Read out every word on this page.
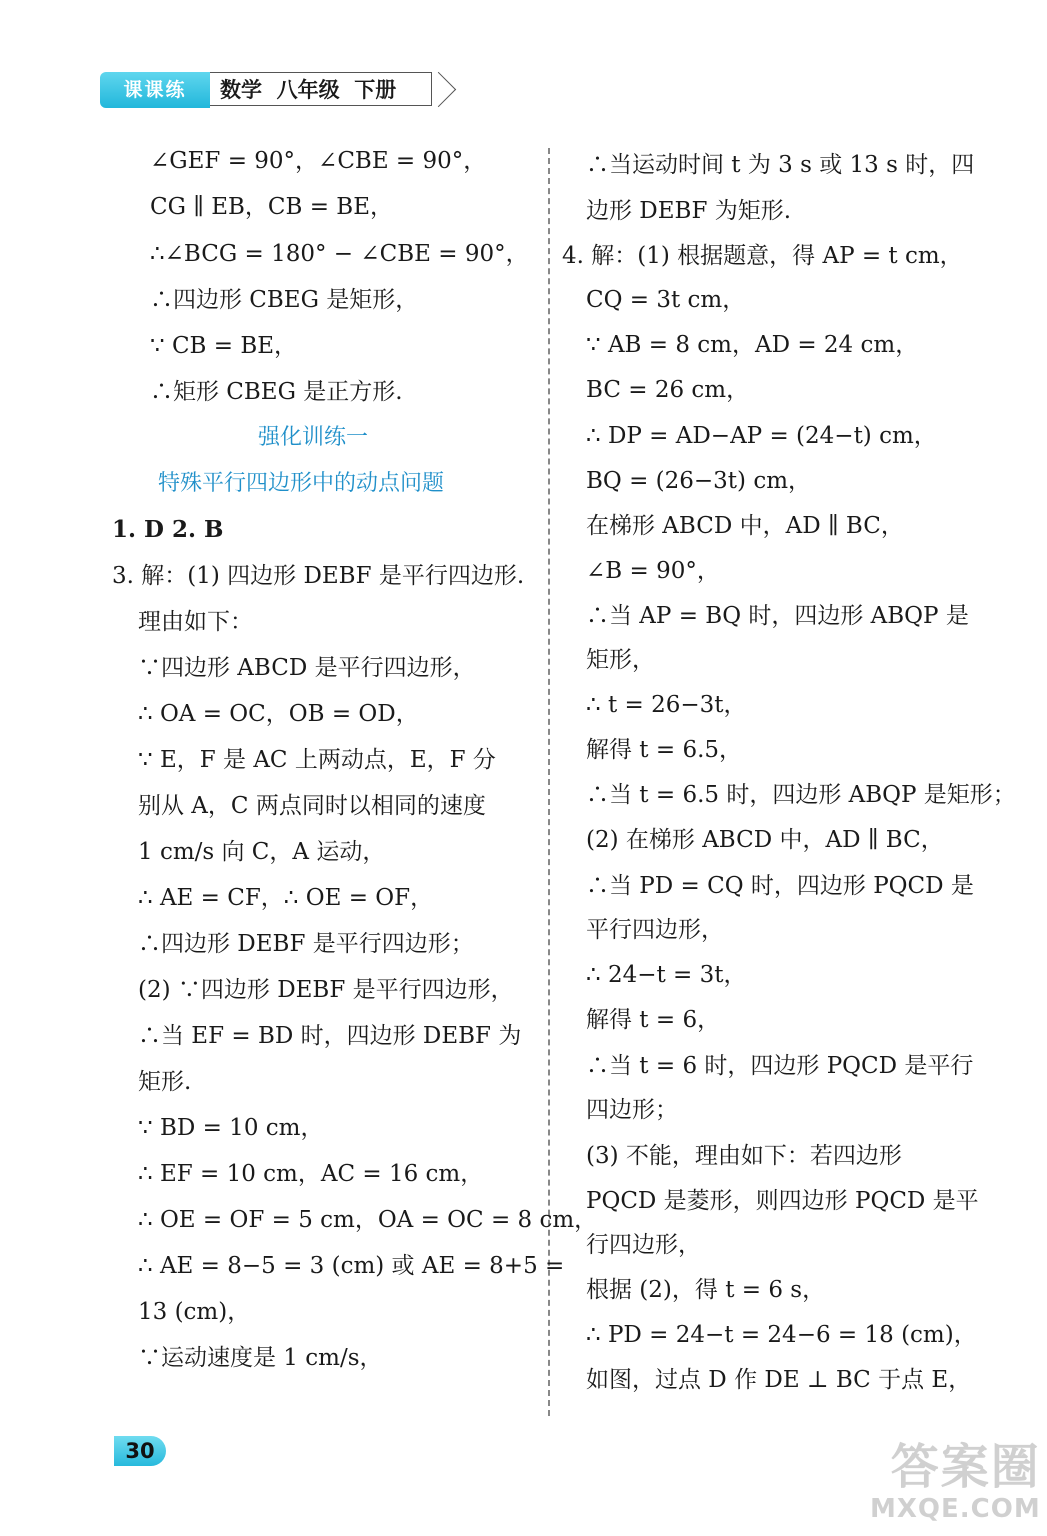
课课练	数学  八年级  下册
∠GEF = 90°，∠CBE = 90°，
CG ∥ EB，CB = BE，
∴∠BCG = 180° − ∠CBE = 90°，
∴四边形 CBEG 是矩形，
∵ CB = BE，
∴矩形 CBEG 是正方形.
强化训练一
特殊平行四边形中的动点问题
1. D 2. B
3. 解：(1) 四边形 DEBF 是平行四边形.
理由如下：
∵四边形 ABCD 是平行四边形，
∴ OA = OC，OB = OD，
∵ E，F 是 AC 上两动点，E，F 分
别从 A，C 两点同时以相同的速度
1 cm/s 向 C，A 运动，
∴ AE = CF，∴ OE = OF，
∴四边形 DEBF 是平行四边形；
(2) ∵四边形 DEBF 是平行四边形，
∴当 EF = BD 时，四边形 DEBF 为
矩形.
∵ BD = 10 cm，
∴ EF = 10 cm，AC = 16 cm，
∴ OE = OF = 5 cm，OA = OC = 8 cm，
∴ AE = 8−5 = 3 (cm) 或 AE = 8+5 =
13 (cm)，
∵运动速度是 1 cm/s，
∴当运动时间 t 为 3 s 或 13 s 时，四
边形 DEBF 为矩形.
4. 解：(1) 根据题意，得 AP = t cm，
CQ = 3t cm，
∵ AB = 8 cm，AD = 24 cm，
BC = 26 cm，
∴ DP = AD−AP = (24−t) cm，
BQ = (26−3t) cm，
在梯形 ABCD 中，AD ∥ BC，
∠B = 90°，
∴当 AP = BQ 时，四边形 ABQP 是
矩形，
∴ t = 26−3t，
解得 t = 6.5，
∴当 t = 6.5 时，四边形 ABQP 是矩形；
(2) 在梯形 ABCD 中，AD ∥ BC，
∴当 PD = CQ 时，四边形 PQCD 是
平行四边形，
∴ 24−t = 3t，
解得 t = 6，
∴当 t = 6 时，四边形 PQCD 是平行
四边形；
(3) 不能，理由如下：若四边形
PQCD 是菱形，则四边形 PQCD 是平
行四边形，
根据 (2)，得 t = 6 s，
∴ PD = 24−t = 24−6 = 18 (cm)，
如图，过点 D 作 DE ⊥ BC 于点 E，
30	答案圈
MXQE.COM
